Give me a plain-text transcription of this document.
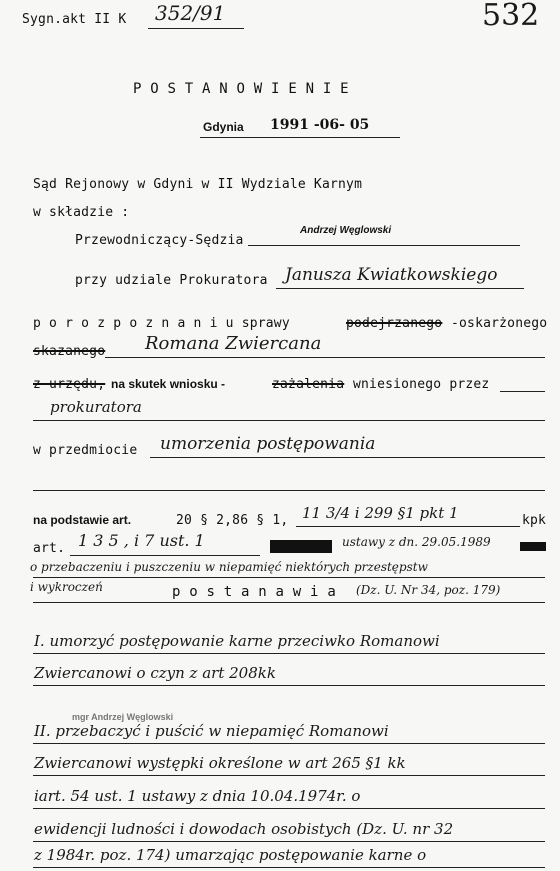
Sygn.akt II K 352/91	532
P O S T A N O W I E N I E
Gdynia 1991 -06- 05
Sąd Rejonowy w Gdyni w II Wydziale Karnym
w składzie :
Przewodniczący-Sędzia
Andrzej Węglowski
przy udziale Prokuratora Janusza Kwiatkowskiego
p o r o z p o z n a n i u sprawy	podejrzanego -oskarżonego
skazanego Romana Zwiercana
z urzędu, na skutek wniosku -	zażalenia wniesionego przez
prokuratora
w przedmiocie umorzenia postępowania
na podstawie art.	20 § 2,86 § 1, 11 3/4 i 299 §1 pkt 1	kpk
art. 1 3 5 , i 7 ust. 1	ustawy z dn. 29.05.1989
o przebaczeniu i puszczeniu w niepamięć niektórych przestępstw
i wykroczeń	p o s t a n a w i a (Dz. U. Nr 34, poz. 179)
I. umorzyć postępowanie karne przeciwko Romanowi
Zwiercanowi o czyn z art 208kk
II. przebaczyć i puścić w niepamięć Romanowi
Zwiercanowi występki określone w art 265 §1 kk
iart. 54 ust. 1 ustawy z dnia 10.04.1974r. o
ewidencji ludności i dowodach osobistych (Dz. U. nr 32
z 1984r. poz. 174) umarzając postępowanie karne o
mgr Andrzej Węglowski
